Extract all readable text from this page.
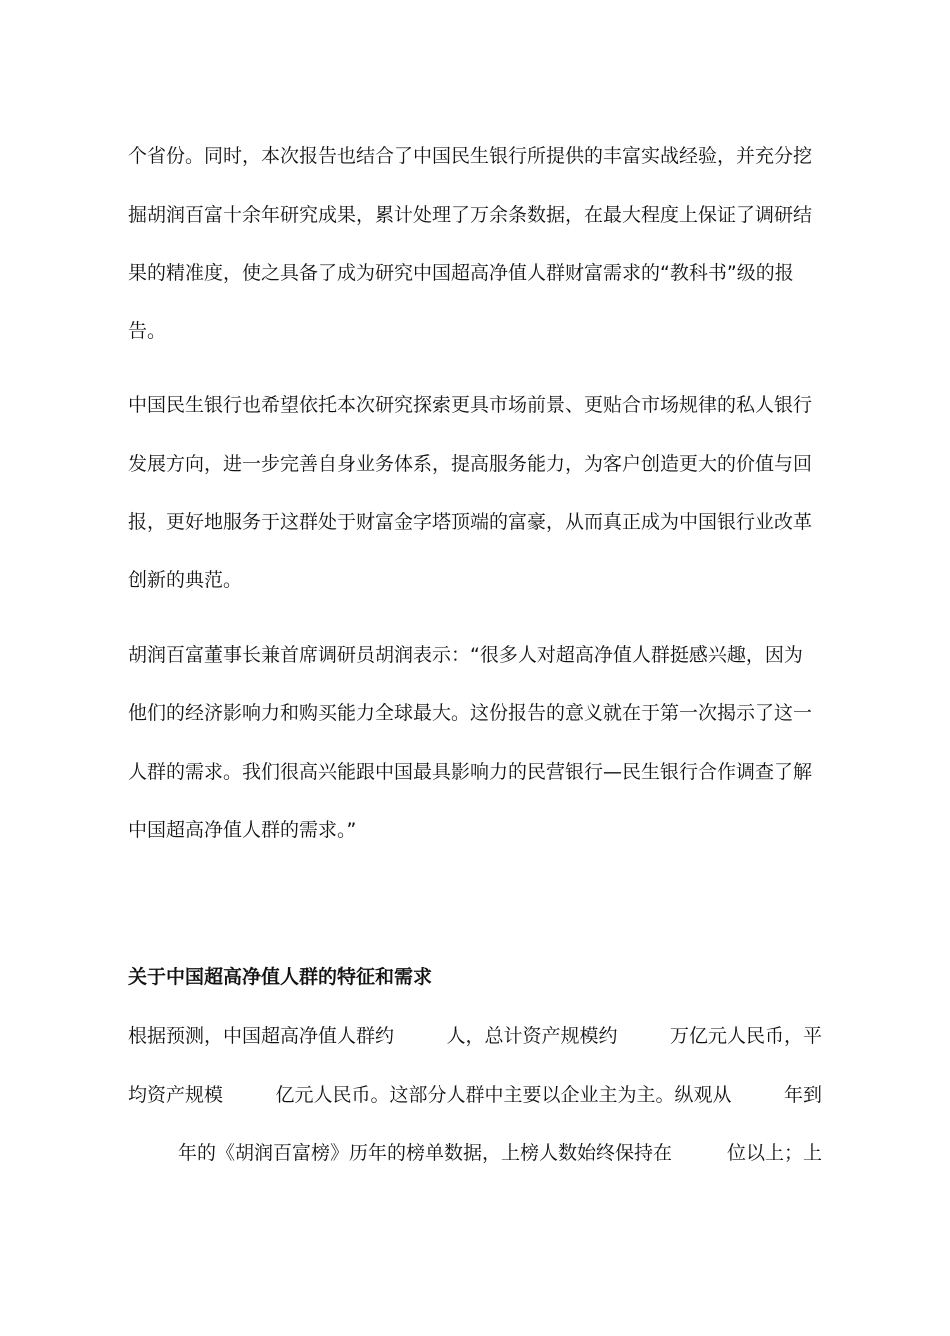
个省份。同时，本次报告也结合了中国民生银行所提供的丰富实战经验，并充分挖
掘胡润百富十余年研究成果，累计处理了万余条数据，在最大程度上保证了调研结
果的精准度，使之具备了成为研究中国超高净值人群财富需求的“教科书”级的报
告。
中国民生银行也希望依托本次研究探索更具市场前景、更贴合市场规律的私人银行
发展方向，进一步完善自身业务体系，提高服务能力，为客户创造更大的价值与回
报，更好地服务于这群处于财富金字塔顶端的富豪，从而真正成为中国银行业改革
创新的典范。
胡润百富董事长兼首席调研员胡润表示：“很多人对超高净值人群挺感兴趣，因为
他们的经济影响力和购买能力全球最大。这份报告的意义就在于第一次揭示了这一
人群的需求。我们很高兴能跟中国最具影响力的民营银行—民生银行合作调查了解
中国超高净值人群的需求。”
关于中国超高净值人群的特征和需求
根据预测，中国超高净值人群约	人，总计资产规模约	万亿元人民币，平
均资产规模	亿元人民币。这部分人群中主要以企业主为主。纵观从	年到
年的《胡润百富榜》历年的榜单数据，上榜人数始终保持在	位以上；上
